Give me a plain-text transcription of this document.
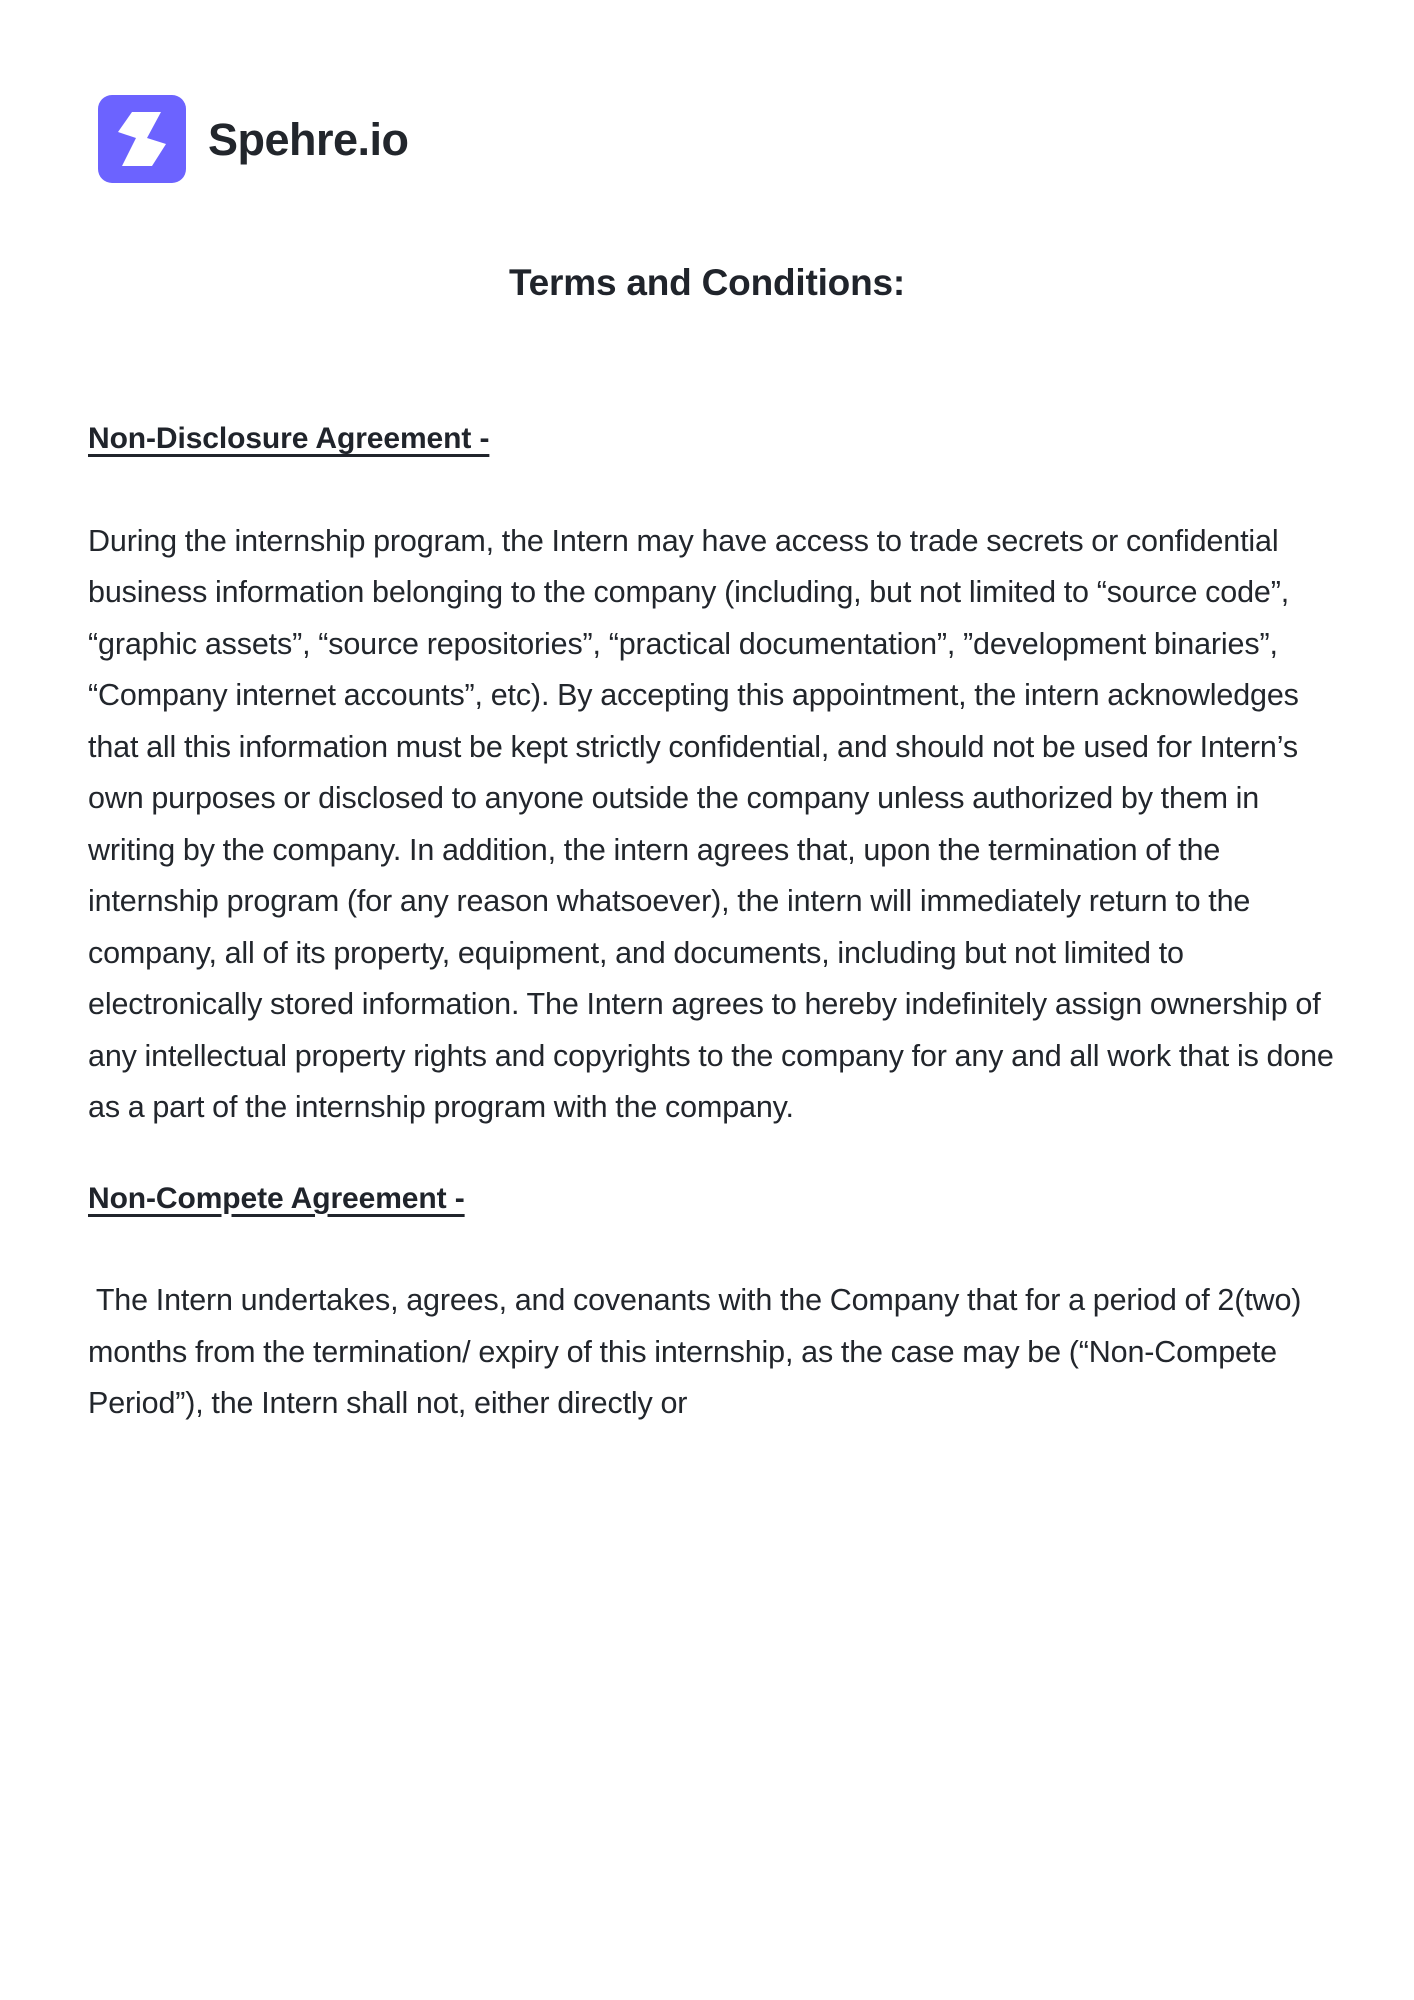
Spehre.io
Terms and Conditions:
Non-Disclosure Agreement -

During the internship program, the Intern may have access to trade secrets or confidential business information belonging to the company (including, but not limited to “source code”, “graphic assets”, “source repositories”, “practical documentation”, ”development binaries”, “Company internet accounts”, etc). By accepting this appointment, the intern acknowledges that all this information must be kept strictly confidential, and should not be used for Intern’s own purposes or disclosed to anyone outside the company unless authorized by them in writing by the company. In addition, the intern agrees that, upon the termination of the internship program (for any reason whatsoever), the intern will immediately return to the company, all of its property, equipment, and documents, including but not limited to electronically stored information. The Intern agrees to hereby indefinitely assign ownership of any intellectual property rights and copyrights to the company for any and all work that is done as a part of the internship program with the company.

Non-Compete Agreement -

The Intern undertakes, agrees, and covenants with the Company that for a period of 2(two) months from the termination/ expiry of this internship, as the case may be (“Non-Compete Period”), the Intern shall not, either directly or
